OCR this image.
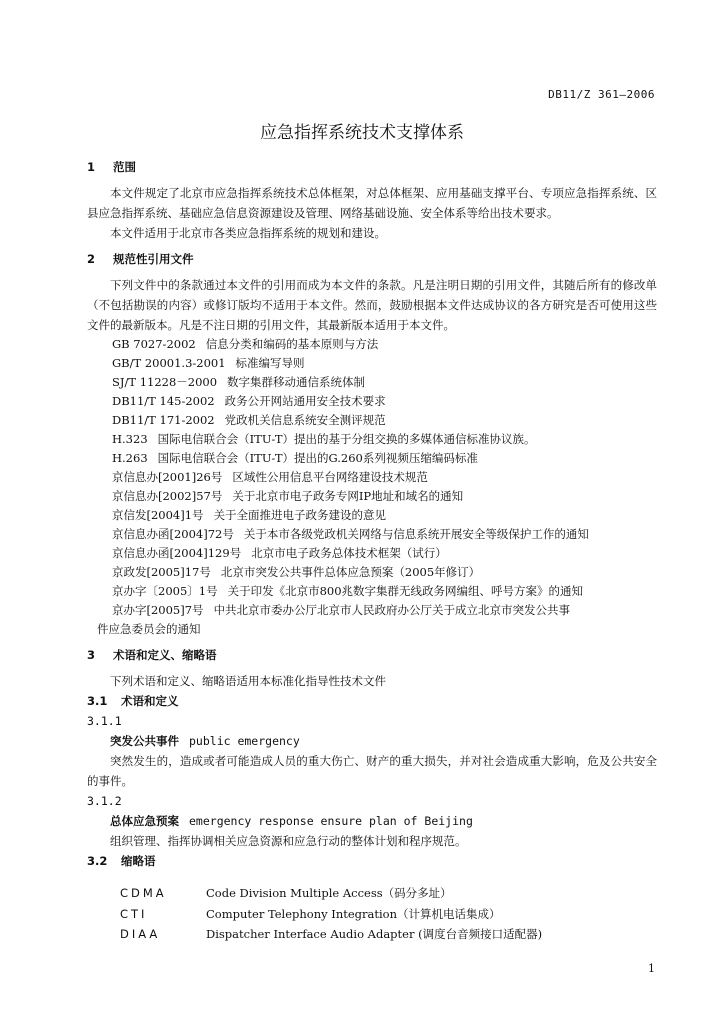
DB11/Z 361—2006
应急指挥系统技术支撑体系
1 范围
本文件规定了北京市应急指挥系统技术总体框架，对总体框架、应用基础支撑平台、专项应急指挥系统、区县应急指挥系统、基础应急信息资源建设及管理、网络基础设施、安全体系等给出技术要求。
本文件适用于北京市各类应急指挥系统的规划和建设。
2 规范性引用文件
下列文件中的条款通过本文件的引用而成为本文件的条款。凡是注明日期的引用文件，其随后所有的修改单（不包括勘误的内容）或修订版均不适用于本文件。然而，鼓励根据本文件达成协议的各方研究是否可使用这些文件的最新版本。凡是不注日期的引用文件，其最新版本适用于本文件。
GB 7027-2002 信息分类和编码的基本原则与方法
GB/T 20001.3-2001 标准编写导则
SJ/T 11228－2000 数字集群移动通信系统体制
DB11/T 145-2002 政务公开网站通用安全技术要求
DB11/T 171-2002 党政机关信息系统安全测评规范
H.323 国际电信联合会（ITU-T）提出的基于分组交换的多媒体通信标准协议族。
H.263 国际电信联合会（ITU-T）提出的G.260系列视频压缩编码标准
京信息办[2001]26号 区域性公用信息平台网络建设技术规范
京信息办[2002]57号 关于北京市电子政务专网IP地址和域名的通知
京信发[2004]1号 关于全面推进电子政务建设的意见
京信息办函[2004]72号 关于本市各级党政机关网络与信息系统开展安全等级保护工作的通知
京信息办函[2004]129号 北京市电子政务总体技术框架（试行）
京政发[2005]17号 北京市突发公共事件总体应急预案（2005年修订）
京办字〔2005〕1号 关于印发《北京市800兆数字集群无线政务网编组、呼号方案》的通知
京办字[2005]7号 中共北京市委办公厅北京市人民政府办公厅关于成立北京市突发公共事
件应急委员会的通知
3 术语和定义、缩略语
下列术语和定义、缩略语适用本标准化指导性技术文件
3.1 术语和定义
3.1.1
突发公共事件 public emergency
突然发生的，造成或者可能造成人员的重大伤亡、财产的重大损失，并对社会造成重大影响，危及公共安全的事件。
3.1.2
总体应急预案 emergency response ensure plan of Beijing
组织管理、指挥协调相关应急资源和应急行动的整体计划和程序规范。
3.2 缩略语
CDMA	Code Division Multiple Access（码分多址）
CTI	Computer Telephony Integration（计算机电话集成）
DIAA	Dispatcher Interface Audio Adapter (调度台音频接口适配器)
1
